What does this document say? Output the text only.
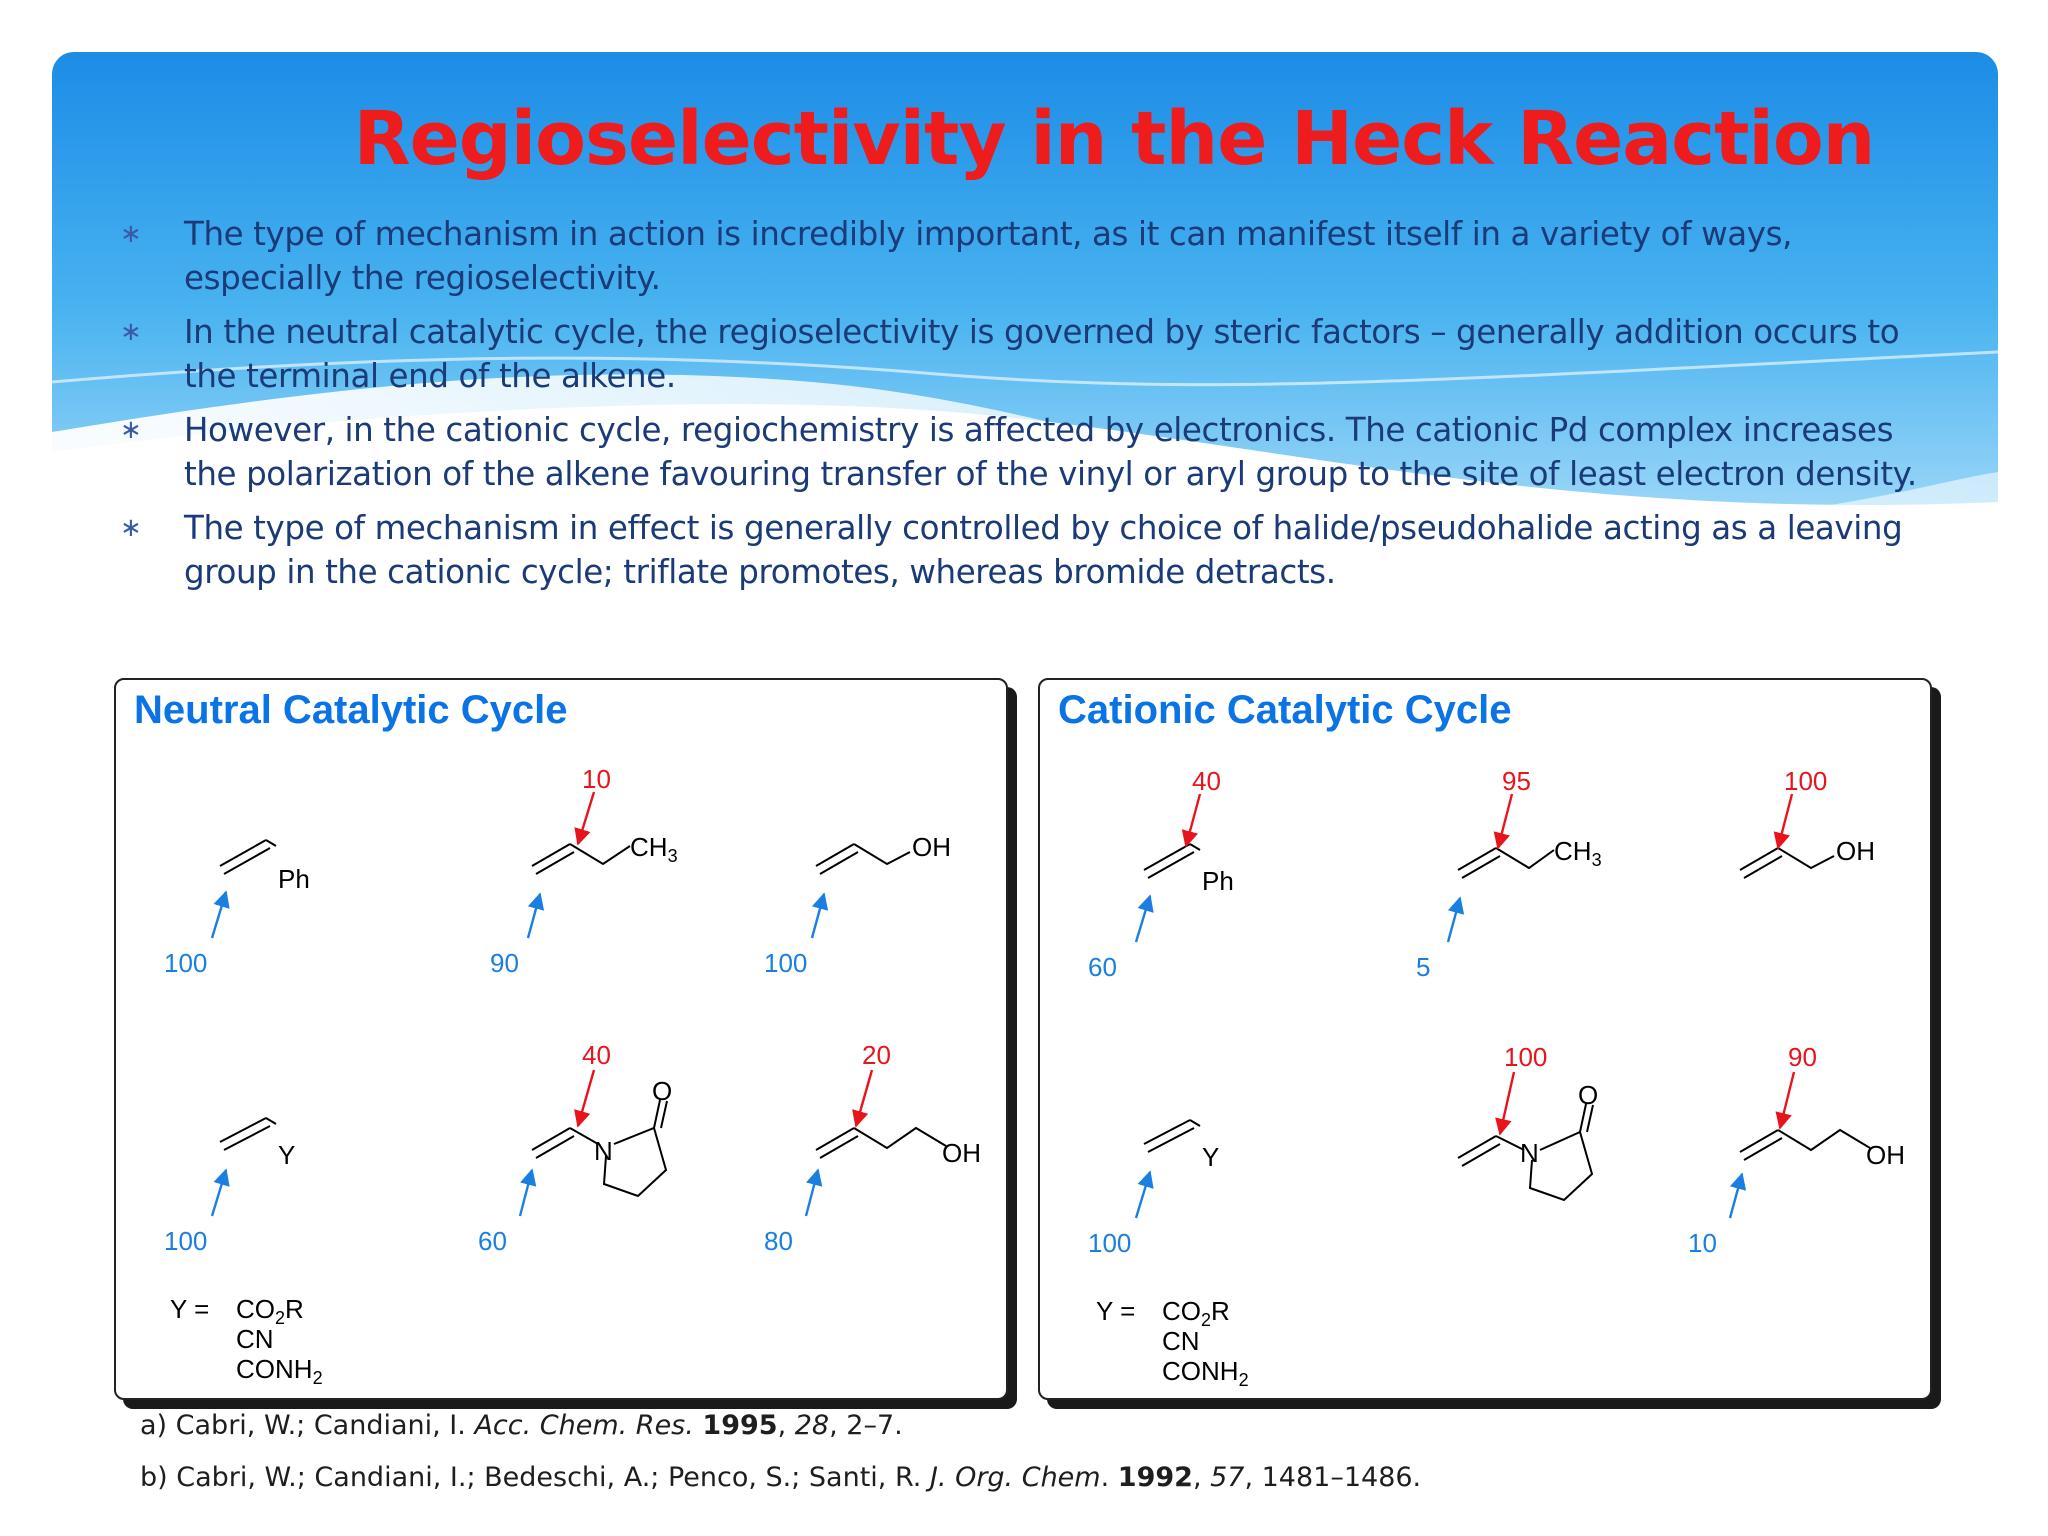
Regioselectivity in the Heck Reaction
∗ The type of mechanism in action is incredibly important, as it can manifest itself in a variety of ways, especially the regioselectivity.
∗ In the neutral catalytic cycle, the regioselectivity is governed by steric factors – generally addition occurs to the terminal end of the alkene.
∗ However, in the cationic cycle, regiochemistry is affected by electronics. The cationic Pd complex increases the polarization of the alkene favouring transfer of the vinyl or aryl group to the site of least electron density.
∗ The type of mechanism in effect is generally controlled by choice of halide/pseudohalide acting as a leaving group in the cationic cycle; triflate promotes, whereas bromide detracts.
Neutral Catalytic Cycle
Ph
$CH_3$	OH
Y	N
O
OH
$Y = CO_2R$
CN
$CONH_2$
100	90
10
100
100	60
40
80
20
Cationic Catalytic Cycle
Ph
$CH_3$	OH
Y	N
O
OH
$Y = CO_2R$
CN
$CONH_2$
60
40
5
95	100
100
100
10
90
a) Cabri, W.; Candiani, I. Acc. Chem. Res. 1995, 28, 2–7.
b) Cabri, W.; Candiani, I.; Bedeschi, A.; Penco, S.; Santi, R. J. Org. Chem. 1992, 57, 1481–1486.
